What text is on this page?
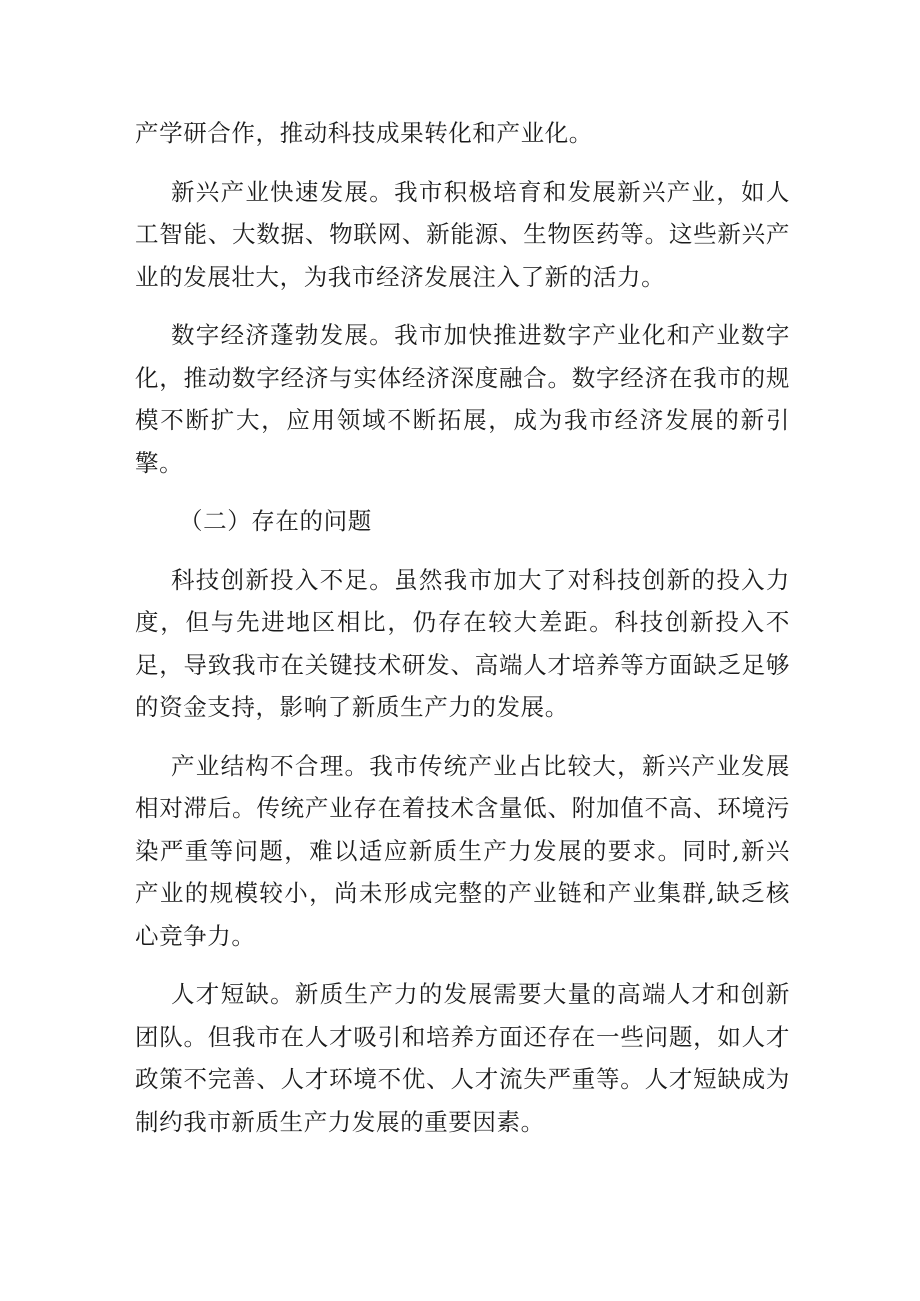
产学研合作，推动科技成果转化和产业化。

新兴产业快速发展。我市积极培育和发展新兴产业，如人工智能、大数据、物联网、新能源、生物医药等。这些新兴产业的发展壮大，为我市经济发展注入了新的活力。

数字经济蓬勃发展。我市加快推进数字产业化和产业数字化，推动数字经济与实体经济深度融合。数字经济在我市的规模不断扩大，应用领域不断拓展，成为我市经济发展的新引擎。

（二）存在的问题

科技创新投入不足。虽然我市加大了对科技创新的投入力度，但与先进地区相比，仍存在较大差距。科技创新投入不足，导致我市在关键技术研发、高端人才培养等方面缺乏足够的资金支持，影响了新质生产力的发展。

产业结构不合理。我市传统产业占比较大，新兴产业发展相对滞后。传统产业存在着技术含量低、附加值不高、环境污染严重等问题，难以适应新质生产力发展的要求。同时,新兴产业的规模较小，尚未形成完整的产业链和产业集群,缺乏核心竞争力。

人才短缺。新质生产力的发展需要大量的高端人才和创新团队。但我市在人才吸引和培养方面还存在一些问题，如人才政策不完善、人才环境不优、人才流失严重等。人才短缺成为制约我市新质生产力发展的重要因素。
